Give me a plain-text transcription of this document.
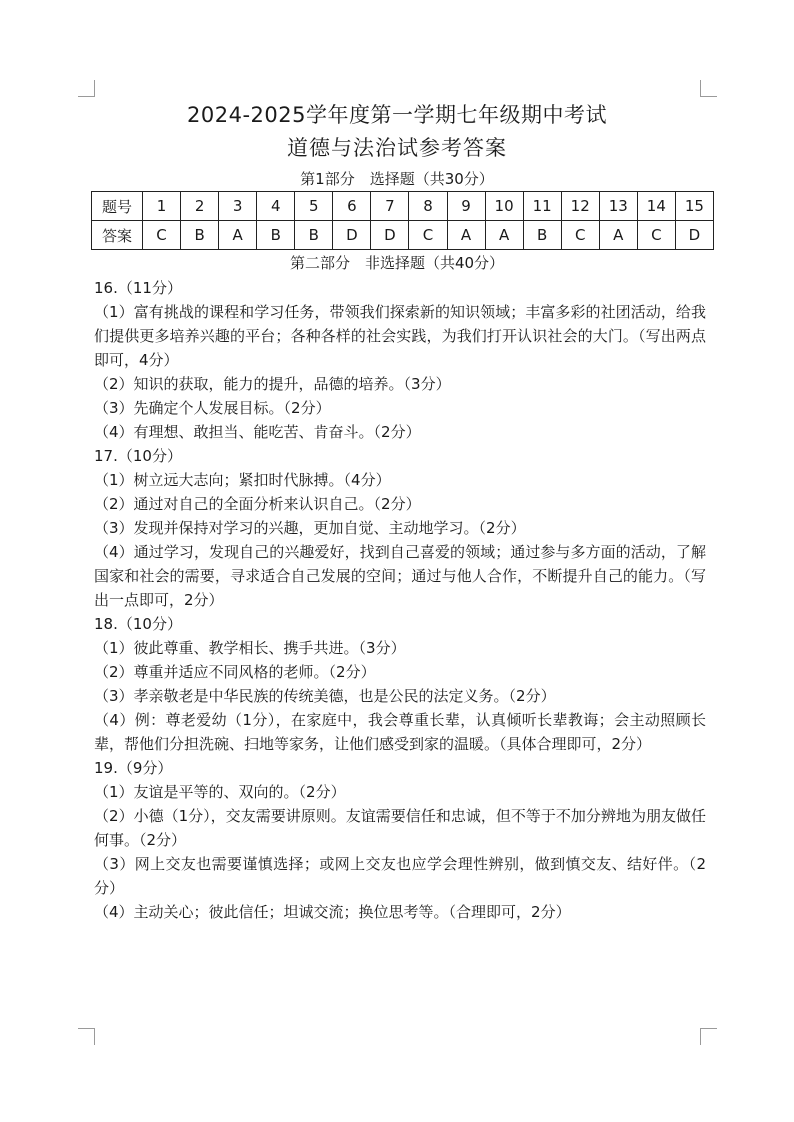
2024-2025学年度第一学期七年级期中考试
道德与法治试参考答案
第1部分　选择题（共30分）
题号	1	2	3	4	5	6	7	8	9	10	11	12	13	14	15
答案	C	B	A	B	B	D	D	C	A	A	B	C	A	C	D
第二部分　非选择题（共40分）
16.（11分）
（1）富有挑战的课程和学习任务，带领我们探索新的知识领域；丰富多彩的社团活动，给我们提供更多培养兴趣的平台；各种各样的社会实践，为我们打开认识社会的大门。（写出两点即可，4分）
（2）知识的获取，能力的提升，品德的培养。（3分）
（3）先确定个人发展目标。（2分）
（4）有理想、敢担当、能吃苦、肯奋斗。（2分）
17.（10分）
（1）树立远大志向；紧扣时代脉搏。（4分）
（2）通过对自己的全面分析来认识自己。（2分）
（3）发现并保持对学习的兴趣，更加自觉、主动地学习。（2分）
（4）通过学习，发现自己的兴趣爱好，找到自己喜爱的领域；通过参与多方面的活动，了解国家和社会的需要，寻求适合自己发展的空间；通过与他人合作，不断提升自己的能力。（写出一点即可，2分）
18.（10分）
（1）彼此尊重、教学相长、携手共进。（3分）
（2）尊重并适应不同风格的老师。（2分）
（3）孝亲敬老是中华民族的传统美德，也是公民的法定义务。（2分）
（4）例：尊老爱幼（1分），在家庭中，我会尊重长辈，认真倾听长辈教诲；会主动照顾长辈，帮他们分担洗碗、扫地等家务，让他们感受到家的温暖。（具体合理即可，2分）
19.（9分）
（1）友谊是平等的、双向的。（2分）
（2）小德（1分），交友需要讲原则。友谊需要信任和忠诚，但不等于不加分辨地为朋友做任何事。（2分）
（3）网上交友也需要谨慎选择；或网上交友也应学会理性辨别，做到慎交友、结好伴。（2分）
（4）主动关心；彼此信任；坦诚交流；换位思考等。（合理即可，2分）
